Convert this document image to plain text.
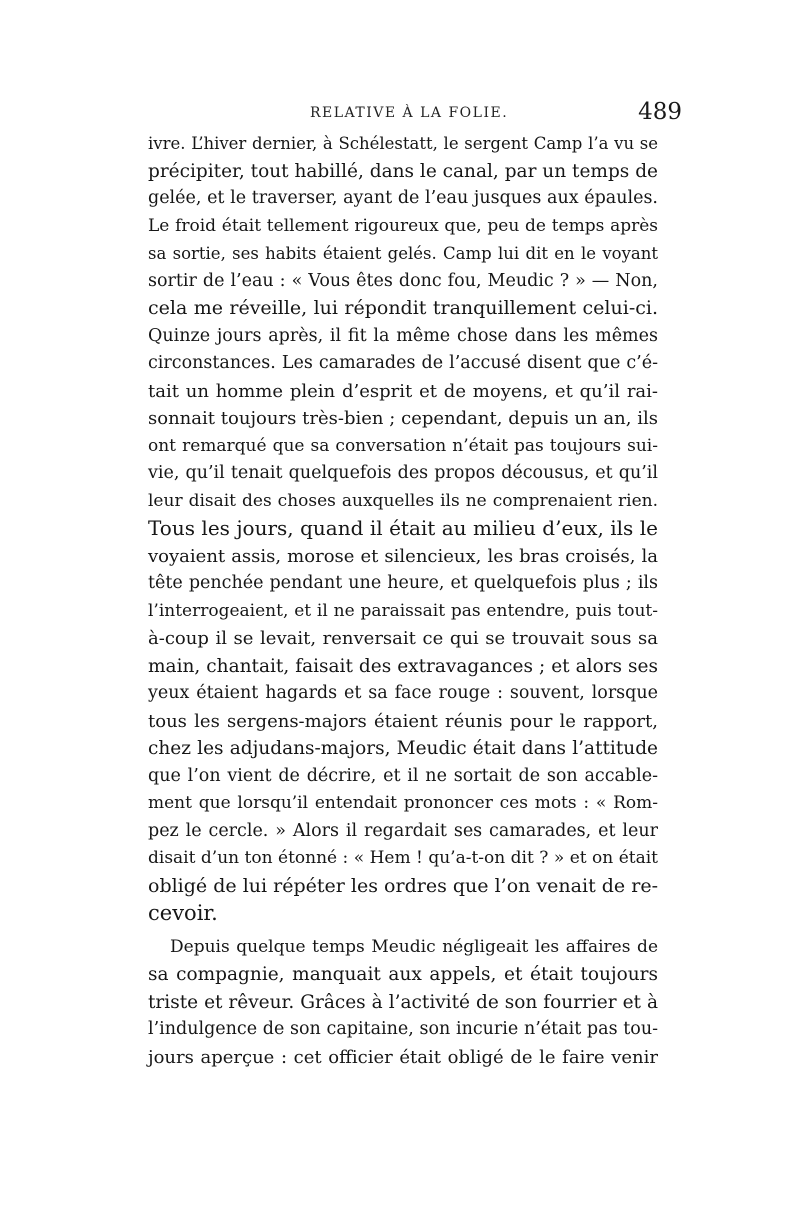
RELATIVE À LA FOLIE.	489
ivre. L’hiver dernier, à Schélestatt, le sergent Camp l’a vu se
précipiter, tout habillé, dans le canal, par un temps de
gelée, et le traverser, ayant de l’eau jusques aux épaules.
Le froid était tellement rigoureux que, peu de temps après
sa sortie, ses habits étaient gelés. Camp lui dit en le voyant
sortir de l’eau : « Vous êtes donc fou, Meudic ? » — Non,
cela me réveille, lui répondit tranquillement celui-ci.
Quinze jours après, il fit la même chose dans les mêmes
circonstances. Les camarades de l’accusé disent que c’é-
tait un homme plein d’esprit et de moyens, et qu’il rai-
sonnait toujours très-bien ; cependant, depuis un an, ils
ont remarqué que sa conversation n’était pas toujours sui-
vie, qu’il tenait quelquefois des propos décousus, et qu’il
leur disait des choses auxquelles ils ne comprenaient rien.
Tous les jours, quand il était au milieu d’eux, ils le
voyaient assis, morose et silencieux, les bras croisés, la
tête penchée pendant une heure, et quelquefois plus ; ils
l’interrogeaient, et il ne paraissait pas entendre, puis tout-
à-coup il se levait, renversait ce qui se trouvait sous sa
main, chantait, faisait des extravagances ; et alors ses
yeux étaient hagards et sa face rouge : souvent, lorsque
tous les sergens-majors étaient réunis pour le rapport,
chez les adjudans-majors, Meudic était dans l’attitude
que l’on vient de décrire, et il ne sortait de son accable-
ment que lorsqu’il entendait prononcer ces mots : « Rom-
pez le cercle. » Alors il regardait ses camarades, et leur
disait d’un ton étonné : « Hem ! qu’a-t-on dit ? » et on était
obligé de lui répéter les ordres que l’on venait de re-
cevoir.
Depuis quelque temps Meudic négligeait les affaires de
sa compagnie, manquait aux appels, et était toujours
triste et rêveur. Grâces à l’activité de son fourrier et à
l’indulgence de son capitaine, son incurie n’était pas tou-
jours aperçue : cet officier était obligé de le faire venir
